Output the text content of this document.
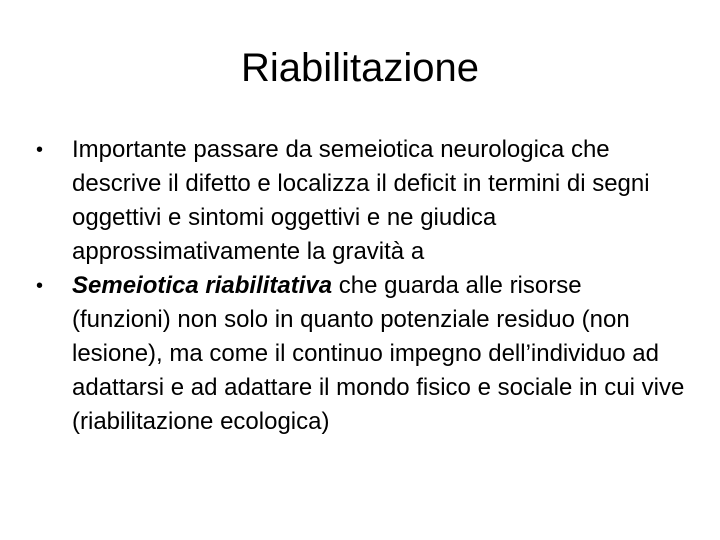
Riabilitazione
•	Importante passare da semeiotica neurologica che descrive il difetto e localizza il deficit in termini di segni oggettivi e sintomi oggettivi e ne giudica approssimativamente la gravità a
•	Semeiotica riabilitativa che guarda alle risorse (funzioni) non solo in quanto potenziale residuo (non lesione), ma come il continuo impegno dell’individuo ad adattarsi e ad adattare il mondo fisico e sociale in cui vive (riabilitazione ecologica)
